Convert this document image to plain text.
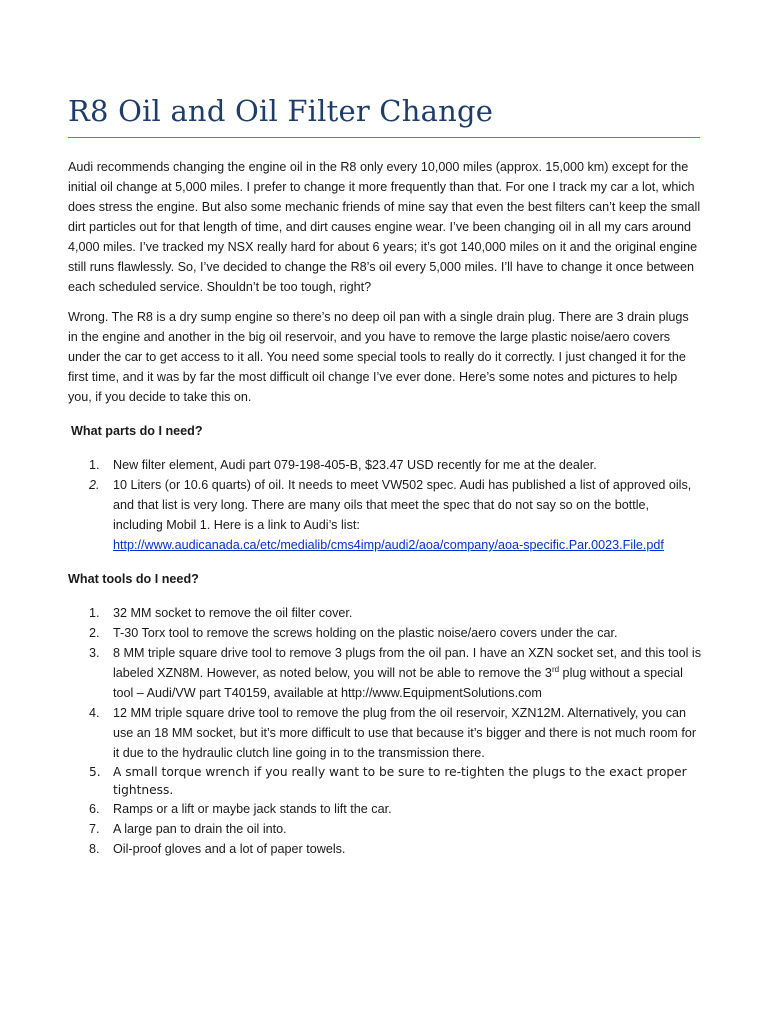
R8 Oil and Oil Filter Change

Audi recommends changing the engine oil in the R8 only every 10,000 miles (approx. 15,000 km) except for the initial oil change at 5,000 miles. I prefer to change it more frequently than that. For one I track my car a lot, which does stress the engine. But also some mechanic friends of mine say that even the best filters can’t keep the small dirt particles out for that length of time, and dirt causes engine wear. I’ve been changing oil in all my cars around 4,000 miles. I’ve tracked my NSX really hard for about 6 years; it’s got 140,000 miles on it and the original engine still runs flawlessly. So, I’ve decided to change the R8’s oil every 5,000 miles. I’ll have to change it once between each scheduled service. Shouldn’t be too tough, right?

Wrong. The R8 is a dry sump engine so there’s no deep oil pan with a single drain plug. There are 3 drain plugs in the engine and another in the big oil reservoir, and you have to remove the large plastic noise/aero covers under the car to get access to it all. You need some special tools to really do it correctly. I just changed it for the first time, and it was by far the most difficult oil change I’ve ever done. Here’s some notes and pictures to help you, if you decide to take this on.

What parts do I need?
1. New filter element, Audi part 079-198-405-B, $23.47 USD recently for me at the dealer.
2. 10 Liters (or 10.6 quarts) of oil. It needs to meet VW502 spec. Audi has published a list of approved oils, and that list is very long. There are many oils that meet the spec that do not say so on the bottle, including Mobil 1. Here is a link to Audi’s list:
http://www.audicanada.ca/etc/medialib/cms4imp/audi2/aoa/company/aoa-specific.Par.0023.File.pdf
What tools do I need?
1. 32 MM socket to remove the oil filter cover.
2. T-30 Torx tool to remove the screws holding on the plastic noise/aero covers under the car.
3. 8 MM triple square drive tool to remove 3 plugs from the oil pan. I have an XZN socket set, and this tool is labeled XZN8M. However, as noted below, you will not be able to remove the 3rd plug without a special tool – Audi/VW part T40159, available at http://www.EquipmentSolutions.com
4. 12 MM triple square drive tool to remove the plug from the oil reservoir, XZN12M. Alternatively, you can use an 18 MM socket, but it’s more difficult to use that because it’s bigger and there is not much room for it due to the hydraulic clutch line going in to the transmission there.
5. A small torque wrench if you really want to be sure to re-tighten the plugs to the exact proper tightness.
6. Ramps or a lift or maybe jack stands to lift the car.
7. A large pan to drain the oil into.
8. Oil-proof gloves and a lot of paper towels.
